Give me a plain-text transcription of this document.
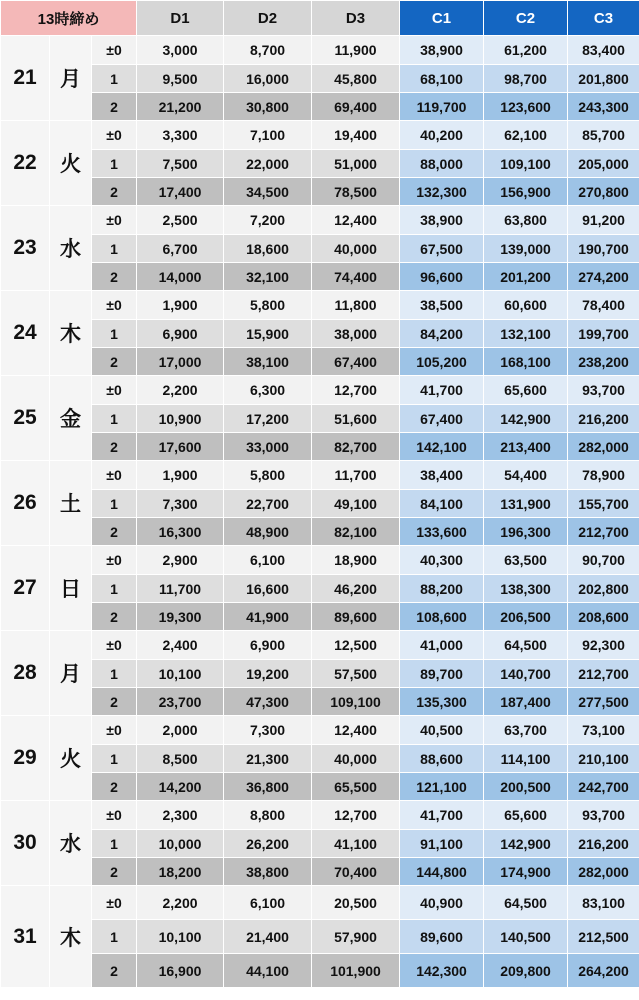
13時締め			D1	D2	D3	C1	C2	C3
21	月	±0	3,000	8,700	11,900	38,900	61,200	83,400
		1	9,500	16,000	45,800	68,100	98,700	201,800
		2	21,200	30,800	69,400	119,700	123,600	243,300
22	火	±0	3,300	7,100	19,400	40,200	62,100	85,700
		1	7,500	22,000	51,000	88,000	109,100	205,000
		2	17,400	34,500	78,500	132,300	156,900	270,800
23	水	±0	2,500	7,200	12,400	38,900	63,800	91,200
		1	6,700	18,600	40,000	67,500	139,000	190,700
		2	14,000	32,100	74,400	96,600	201,200	274,200
24	木	±0	1,900	5,800	11,800	38,500	60,600	78,400
		1	6,900	15,900	38,000	84,200	132,100	199,700
		2	17,000	38,100	67,400	105,200	168,100	238,200
25	金	±0	2,200	6,300	12,700	41,700	65,600	93,700
		1	10,900	17,200	51,600	67,400	142,900	216,200
		2	17,600	33,000	82,700	142,100	213,400	282,000
26	土	±0	1,900	5,800	11,700	38,400	54,400	78,900
		1	7,300	22,700	49,100	84,100	131,900	155,700
		2	16,300	48,900	82,100	133,600	196,300	212,700
27	日	±0	2,900	6,100	18,900	40,300	63,500	90,700
		1	11,700	16,600	46,200	88,200	138,300	202,800
		2	19,300	41,900	89,600	108,600	206,500	208,600
28	月	±0	2,400	6,900	12,500	41,000	64,500	92,300
		1	10,100	19,200	57,500	89,700	140,700	212,700
		2	23,700	47,300	109,100	135,300	187,400	277,500
29	火	±0	2,000	7,300	12,400	40,500	63,700	73,100
		1	8,500	21,300	40,000	88,600	114,100	210,100
		2	14,200	36,800	65,500	121,100	200,500	242,700
30	水	±0	2,300	8,800	12,700	41,700	65,600	93,700
		1	10,000	26,200	41,100	91,100	142,900	216,200
		2	18,200	38,800	70,400	144,800	174,900	282,000
31	木	±0	2,200	6,100	20,500	40,900	64,500	83,100
		1	10,100	21,400	57,900	89,600	140,500	212,500
		2	16,900	44,100	101,900	142,300	209,800	264,200
